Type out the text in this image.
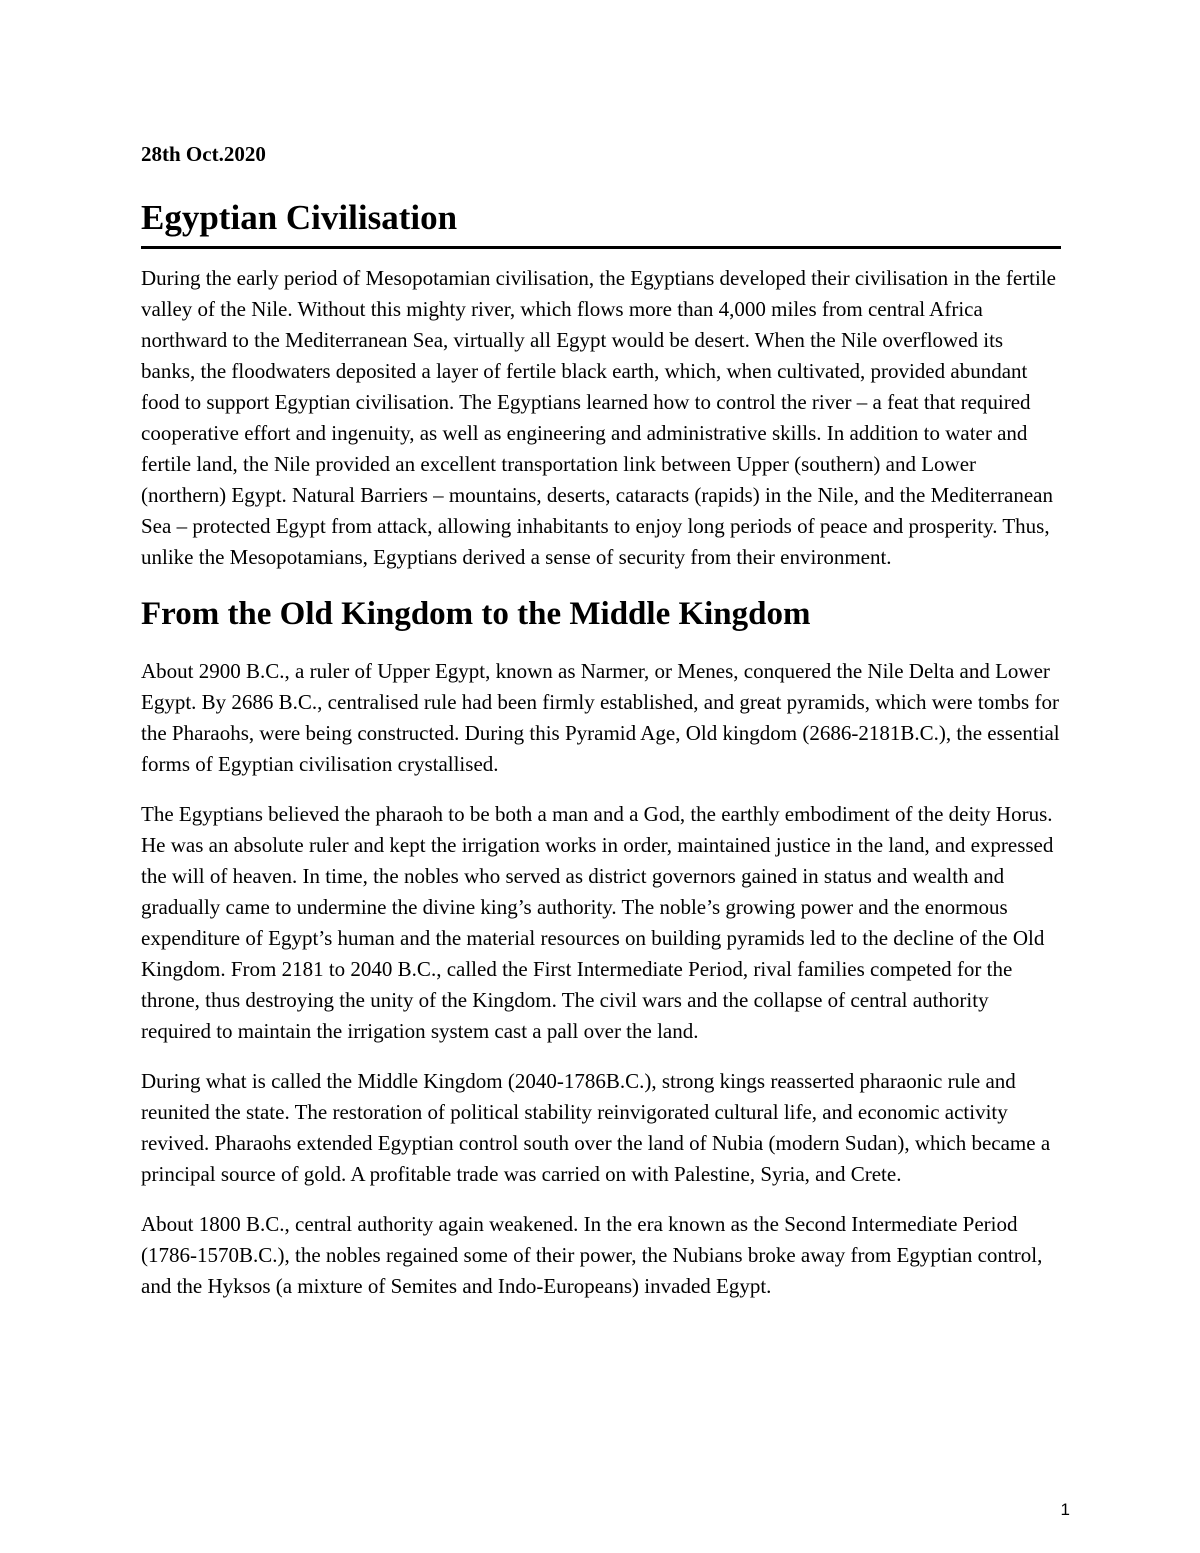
28th Oct.2020
Egyptian Civilisation

During the early period of Mesopotamian civilisation, the Egyptians developed their civilisation in the fertile valley of the Nile. Without this mighty river, which flows more than 4,000 miles from central Africa northward to the Mediterranean Sea, virtually all Egypt would be desert. When the Nile overflowed its banks, the floodwaters deposited a layer of fertile black earth, which, when cultivated, provided abundant food to support Egyptian civilisation. The Egyptians learned how to control the river – a feat that required cooperative effort and ingenuity, as well as engineering and administrative skills. In addition to water and fertile land, the Nile provided an excellent transportation link between Upper (southern) and Lower (northern) Egypt. Natural Barriers – mountains, deserts, cataracts (rapids) in the Nile, and the Mediterranean Sea – protected Egypt from attack, allowing inhabitants to enjoy long periods of peace and prosperity. Thus, unlike the Mesopotamians, Egyptians derived a sense of security from their environment.

From the Old Kingdom to the Middle Kingdom

About 2900 B.C., a ruler of Upper Egypt, known as Narmer, or Menes, conquered the Nile Delta and Lower Egypt. By 2686 B.C., centralised rule had been firmly established, and great pyramids, which were tombs for the Pharaohs, were being constructed. During this Pyramid Age, Old kingdom (2686-2181B.C.), the essential forms of Egyptian civilisation crystallised.

The Egyptians believed the pharaoh to be both a man and a God, the earthly embodiment of the deity Horus. He was an absolute ruler and kept the irrigation works in order, maintained justice in the land, and expressed the will of heaven. In time, the nobles who served as district governors gained in status and wealth and gradually came to undermine the divine king’s authority. The noble’s growing power and the enormous expenditure of Egypt’s human and the material resources on building pyramids led to the decline of the Old Kingdom. From 2181 to 2040 B.C., called the First Intermediate Period, rival families competed for the throne, thus destroying the unity of the Kingdom. The civil wars and the collapse of central authority required to maintain the irrigation system cast a pall over the land.

During what is called the Middle Kingdom (2040-1786B.C.), strong kings reasserted pharaonic rule and reunited the state. The restoration of political stability reinvigorated cultural life, and economic activity revived. Pharaohs extended Egyptian control south over the land of Nubia (modern Sudan), which became a principal source of gold. A profitable trade was carried on with Palestine, Syria, and Crete.

About 1800 B.C., central authority again weakened. In the era known as the Second Intermediate Period (1786-1570B.C.), the nobles regained some of their power, the Nubians broke away from Egyptian control, and the Hyksos (a mixture of Semites and Indo-Europeans) invaded Egypt.

1
